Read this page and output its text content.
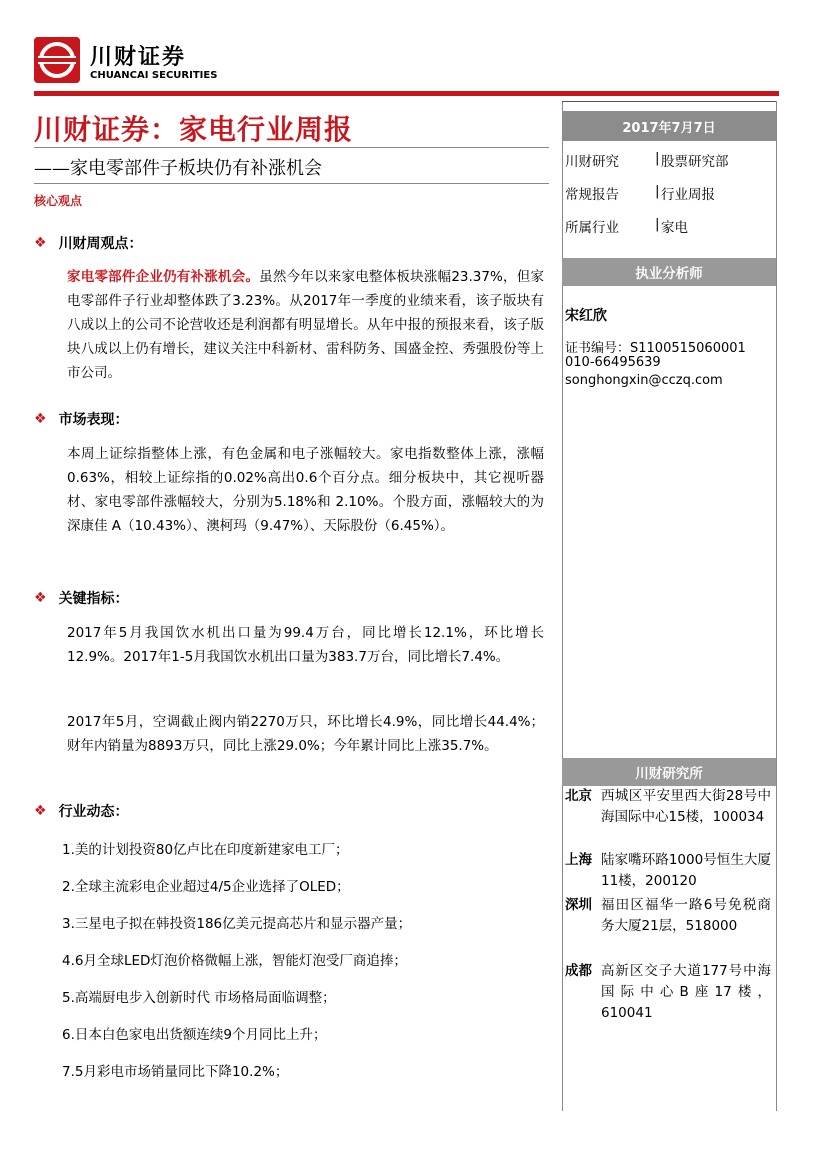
川财证券
CHUANCAI SECURITIES
川财证券：家电行业周报
——家电零部件子板块仍有补涨机会
核心观点
❖ 川财周观点：
家电零部件企业仍有补涨机会。虽然今年以来家电整体板块涨幅23.37%，但家电零部件子行业却整体跌了3.23%。从2017年一季度的业绩来看，该子版块有八成以上的公司不论营收还是利润都有明显增长。从年中报的预报来看，该子版块八成以上仍有增长，建议关注中科新材、雷科防务、国盛金控、秀强股份等上市公司。
❖ 市场表现：
本周上证综指整体上涨，有色金属和电子涨幅较大。家电指数整体上涨，涨幅0.63%，相较上证综指的0.02%高出0.6个百分点。细分板块中，其它视听器材、家电零部件涨幅较大，分别为5.18%和 2.10%。个股方面，涨幅较大的为深康佳 A（10.43%）、澳柯玛（9.47%）、天际股份（6.45%）。
❖ 关键指标：
2017年5月我国饮水机出口量为99.4万台，同比增长12.1%，环比增长12.9%。2017年1-5月我国饮水机出口量为383.7万台，同比增长7.4%。
2017年5月，空调截止阀内销2270万只，环比增长4.9%，同比增长44.4%；财年内销量为8893万只，同比上涨29.0%；今年累计同比上涨35.7%。
❖ 行业动态：
1.美的计划投资80亿卢比在印度新建家电工厂；
2.全球主流彩电企业超过4/5企业选择了OLED；
3.三星电子拟在韩投资186亿美元提高芯片和显示器产量；
4.6月全球LED灯泡价格微幅上涨，智能灯泡受厂商追捧；
5.高端厨电步入创新时代 市场格局面临调整；
6.日本白色家电出货额连续9个月同比上升；
7.5月彩电市场销量同比下降10.2%；
2017年7月7日
川财研究	| 股票研究部
常规报告	| 行业周报
所属行业	| 家电
执业分析师
宋红欣
证书编号：S1100515060001
010-66495639
songhongxin@cczq.com
川财研究所
北京 西城区平安里西大街28号中海国际中心15楼，100034
上海 陆家嘴环路1000号恒生大厦11楼，200120
深圳 福田区福华一路6号免税商务大厦21层，518000
成都 高新区交子大道177号中海国际中心B座17楼，610041
